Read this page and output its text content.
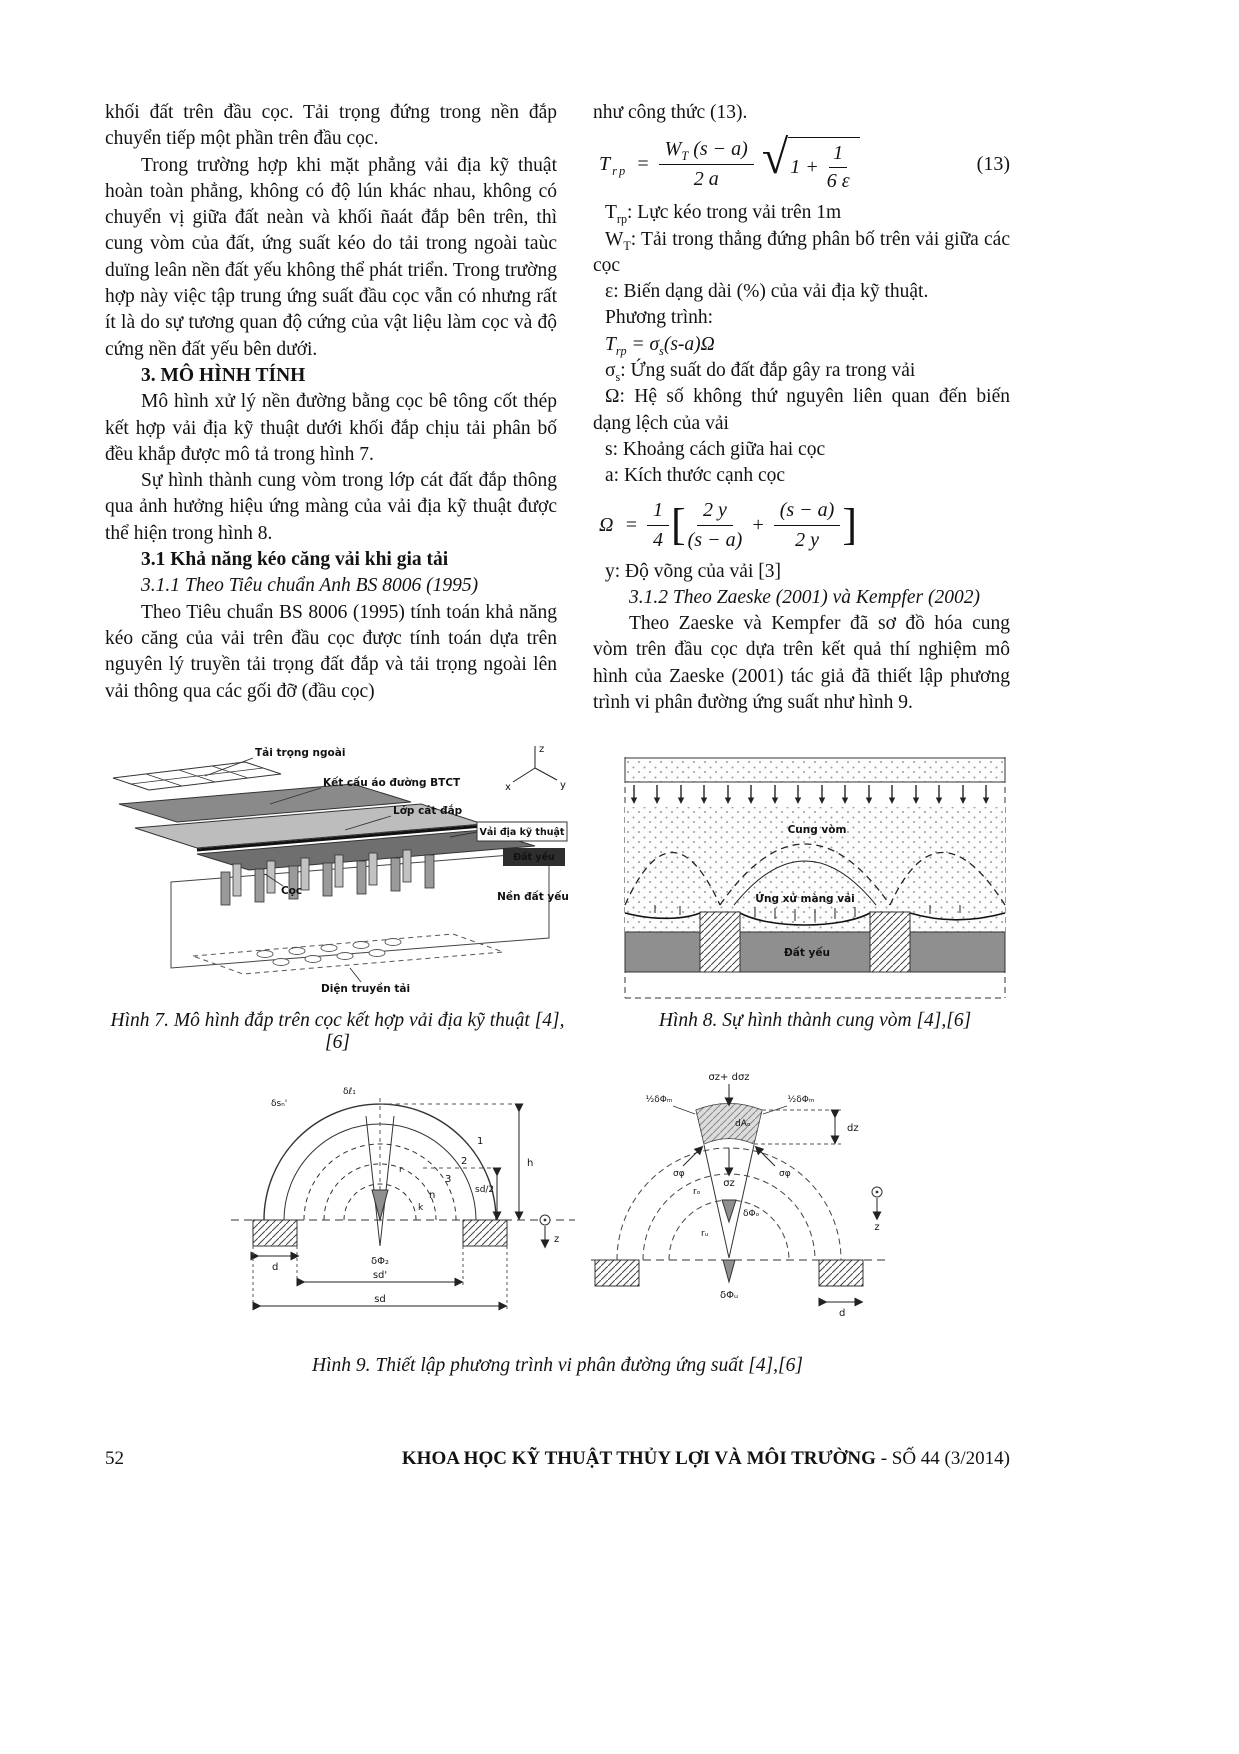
khối đất trên đầu cọc. Tải trọng đứng trong nền đắp chuyển tiếp một phần trên đầu cọc.

Trong trường hợp khi mặt phẳng vải địa kỹ thuật hoàn toàn phẳng, không có độ lún khác nhau, không có chuyển vị giữa đất neàn và khối ñaát đắp bên trên, thì cung vòm của đất, ứng suất kéo do tải trong ngoài taùc duïng leân nền đất yếu không thể phát triển. Trong trường hợp này việc tập trung ứng suất đầu cọc vẫn có nhưng rất ít là do sự tương quan độ cứng của vật liệu làm cọc và độ cứng nền đất yếu bên dưới.

3. MÔ HÌNH TÍNH

Mô hình xử lý nền đường bằng cọc bê tông cốt thép kết hợp vải địa kỹ thuật dưới khối đắp chịu tải phân bố đều khắp được mô tả trong hình 7.

Sự hình thành cung vòm trong lớp cát đất đắp thông qua ảnh hưởng hiệu ứng màng của vải địa kỹ thuật được thể hiện trong hình 8.

3.1 Khả năng kéo căng vải khi gia tải

3.1.1 Theo Tiêu chuẩn Anh BS 8006 (1995)

Theo Tiêu chuẩn BS 8006 (1995) tính toán khả năng kéo căng của vải trên đầu cọc được tính toán dựa trên nguyên lý truyền tải trọng đất đắp và tải trọng ngoài lên vải thông qua các gối đỡ (đầu cọc)

như công thức (13).

$T_{rp} = \frac{W_T (s - a)}{2 a}$ √ $1 + \frac{1}{6 \varepsilon}$	(13)

$T_{rp}$: Lực kéo trong vải trên 1m

$W_T$: Tải trong thẳng đứng phân bố trên vải giữa các cọc

ε: Biến dạng dài (%) của vải địa kỹ thuật.

Phương trình:

$T_{rp} = \sigma_s(s-a)\Omega$

$\sigma_s$: Ứng suất do đất đắp gây ra trong vải

Ω: Hệ số không thứ nguyên liên quan đến biến dạng lệch của vải

s: Khoảng cách giữa hai cọc

a: Kích thước cạnh cọc

$\Omega = \frac{1}{4}$ [ $\frac{2 y}{(s - a)} + \frac{(s - a)}{2 y}$ ]

y: Độ võng của vải [3]

3.1.2 Theo Zaeske (2001) và Kempfer (2002)

Theo Zaeske và Kempfer đã sơ đồ hóa cung vòm trên đầu cọc dựa trên kết quả thí nghiệm mô hình của Zaeske (2001) tác giả đã thiết lập phương trình vi phân đường ứng suất như hình 9.

z
x	y
Tải trọng ngoài
Kết cấu áo đường BTCT
Lớp cát đắp
Vải địa kỹ thuật
Đất yếu
Cọc	Nền đất yếu
Diện truyền tải
Cung vòm
Ứng xử màng vải
Đất yếu
Hình 7. Mô hình đắp trên cọc kết hợp vải địa kỹ thuật [4],[6]
Hình 8. Sự hình thành cung vòm [4],[6]
δsₙ'
δℓ₁
1
2
3
n
r
k
h
sd/2
z
d
δΦ₂
sd'
sd
σz+ dσz
½δΦₘ	½δΦₘ
dz
dAₒ
σφ	σφ
σz
δΦₒ
rₒ
rᵤ
δΦᵤ
d
z
Hình 9. Thiết lập phương trình vi phân đường ứng suất [4],[6]
52	KHOA HỌC KỸ THUẬT THỦY LỢI VÀ MÔI TRƯỜNG - SỐ 44 (3/2014)
